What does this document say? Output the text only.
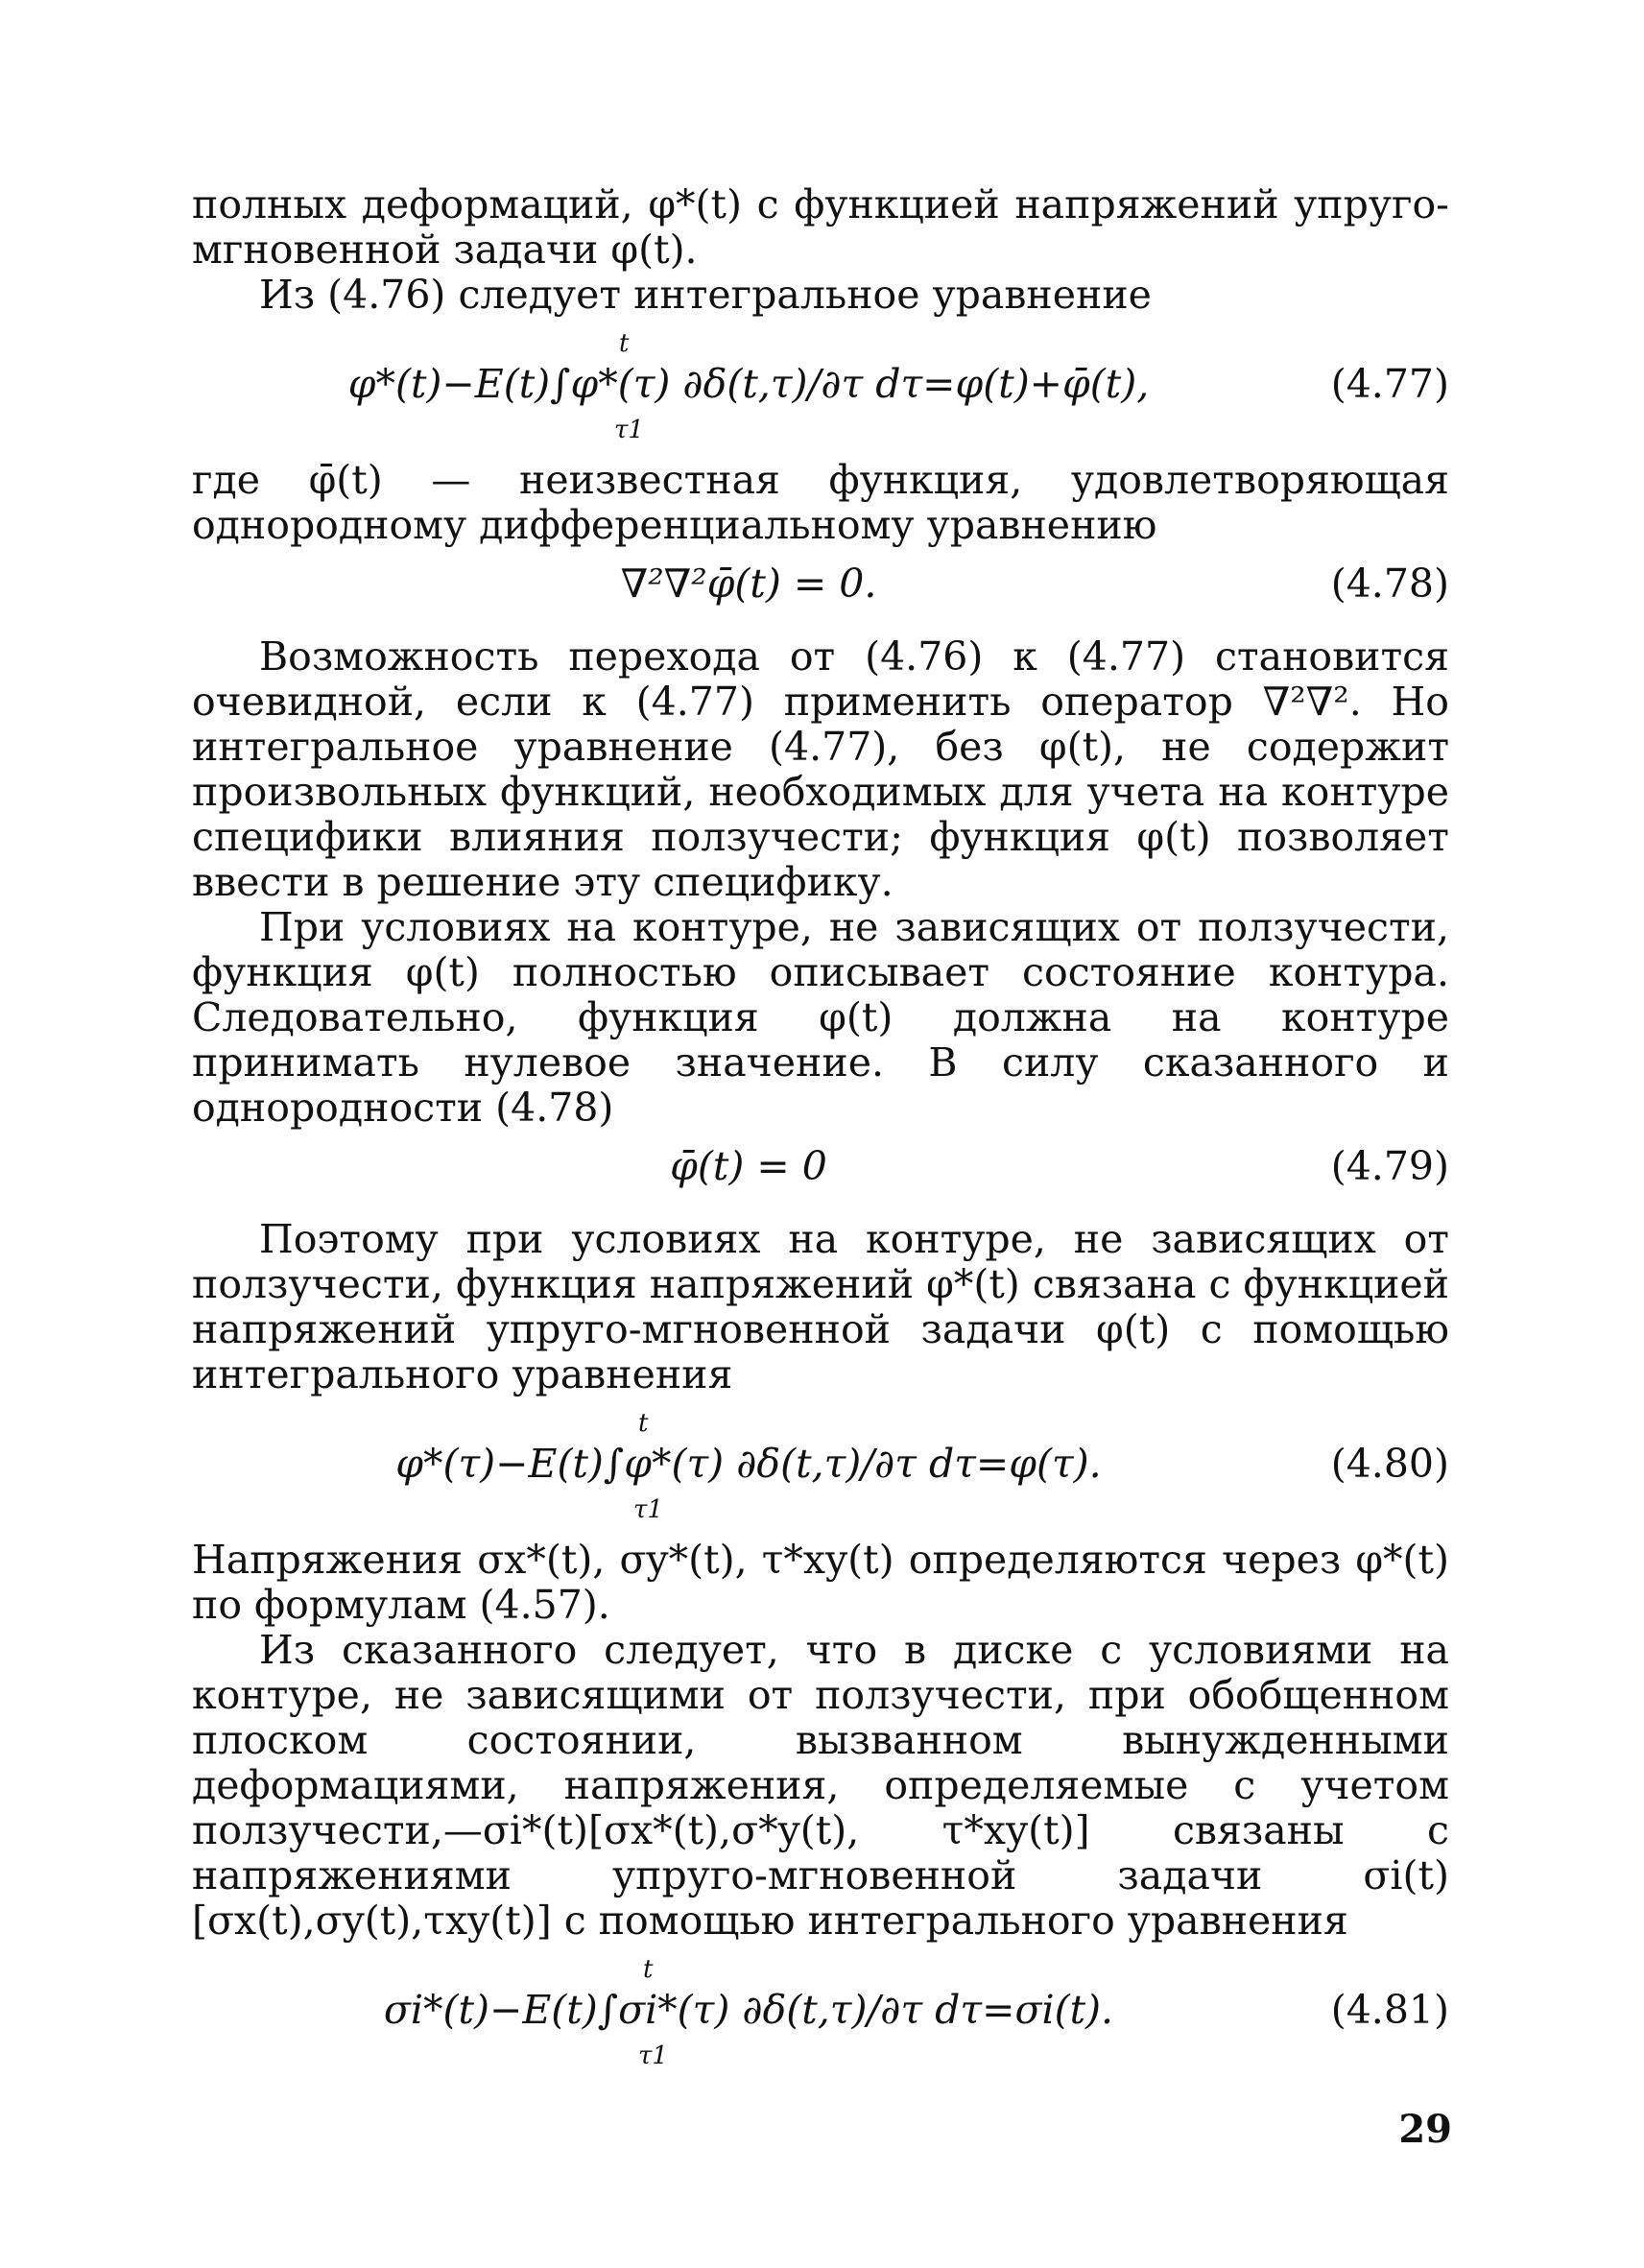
полных деформаций, φ*(t) с функцией напряжений упруго-мгновенной задачи φ(t).

Из (4.76) следует интегральное уравнение

t
φ*(t)−E(t)∫φ*(τ) ∂δ(t,τ)/∂τ dτ=φ(t)+φ̄(t),
τ1
(4.77)

где φ̄(t) — неизвестная функция, удовлетворяющая однородному дифференциальному уравнению

∇²∇²φ̄(t) = 0.	(4.78)

Возможность перехода от (4.76) к (4.77) становится очевидной, если к (4.77) применить оператор ∇²∇². Но интегральное уравнение (4.77), без φ(t), не содержит произвольных функций, необходимых для учета на контуре специфики влияния ползучести; функция φ(t) позволяет ввести в решение эту специфику.

При условиях на контуре, не зависящих от ползучести, функция φ(t) полностью описывает состояние контура. Следовательно, функция φ(t) должна на контуре принимать нулевое значение. В силу сказанного и однородности (4.78)

φ̄(t) = 0	(4.79)

Поэтому при условиях на контуре, не зависящих от ползучести, функция напряжений φ*(t) связана с функцией напряжений упруго-мгновенной задачи φ(t) с помощью интегрального уравнения

t
φ*(τ)−E(t)∫φ*(τ) ∂δ(t,τ)/∂τ dτ=φ(τ).
τ1
(4.80)

Напряжения σx*(t), σy*(t), τ*xy(t) определяются через φ*(t) по формулам (4.57).

Из сказанного следует, что в диске с условиями на контуре, не зависящими от ползучести, при обобщенном плоском состоянии, вызванном вынужденными деформациями, напряжения, определяемые с учетом ползучести,—σi*(t)[σx*(t),σ*y(t), τ*xy(t)] связаны с напряжениями упруго-мгновенной задачи σi(t)[σx(t),σy(t),τxy(t)] с помощью интегрального уравнения

t
σi*(t)−E(t)∫σi*(τ) ∂δ(t,τ)/∂τ dτ=σi(t).
τ1
(4.81)
29
